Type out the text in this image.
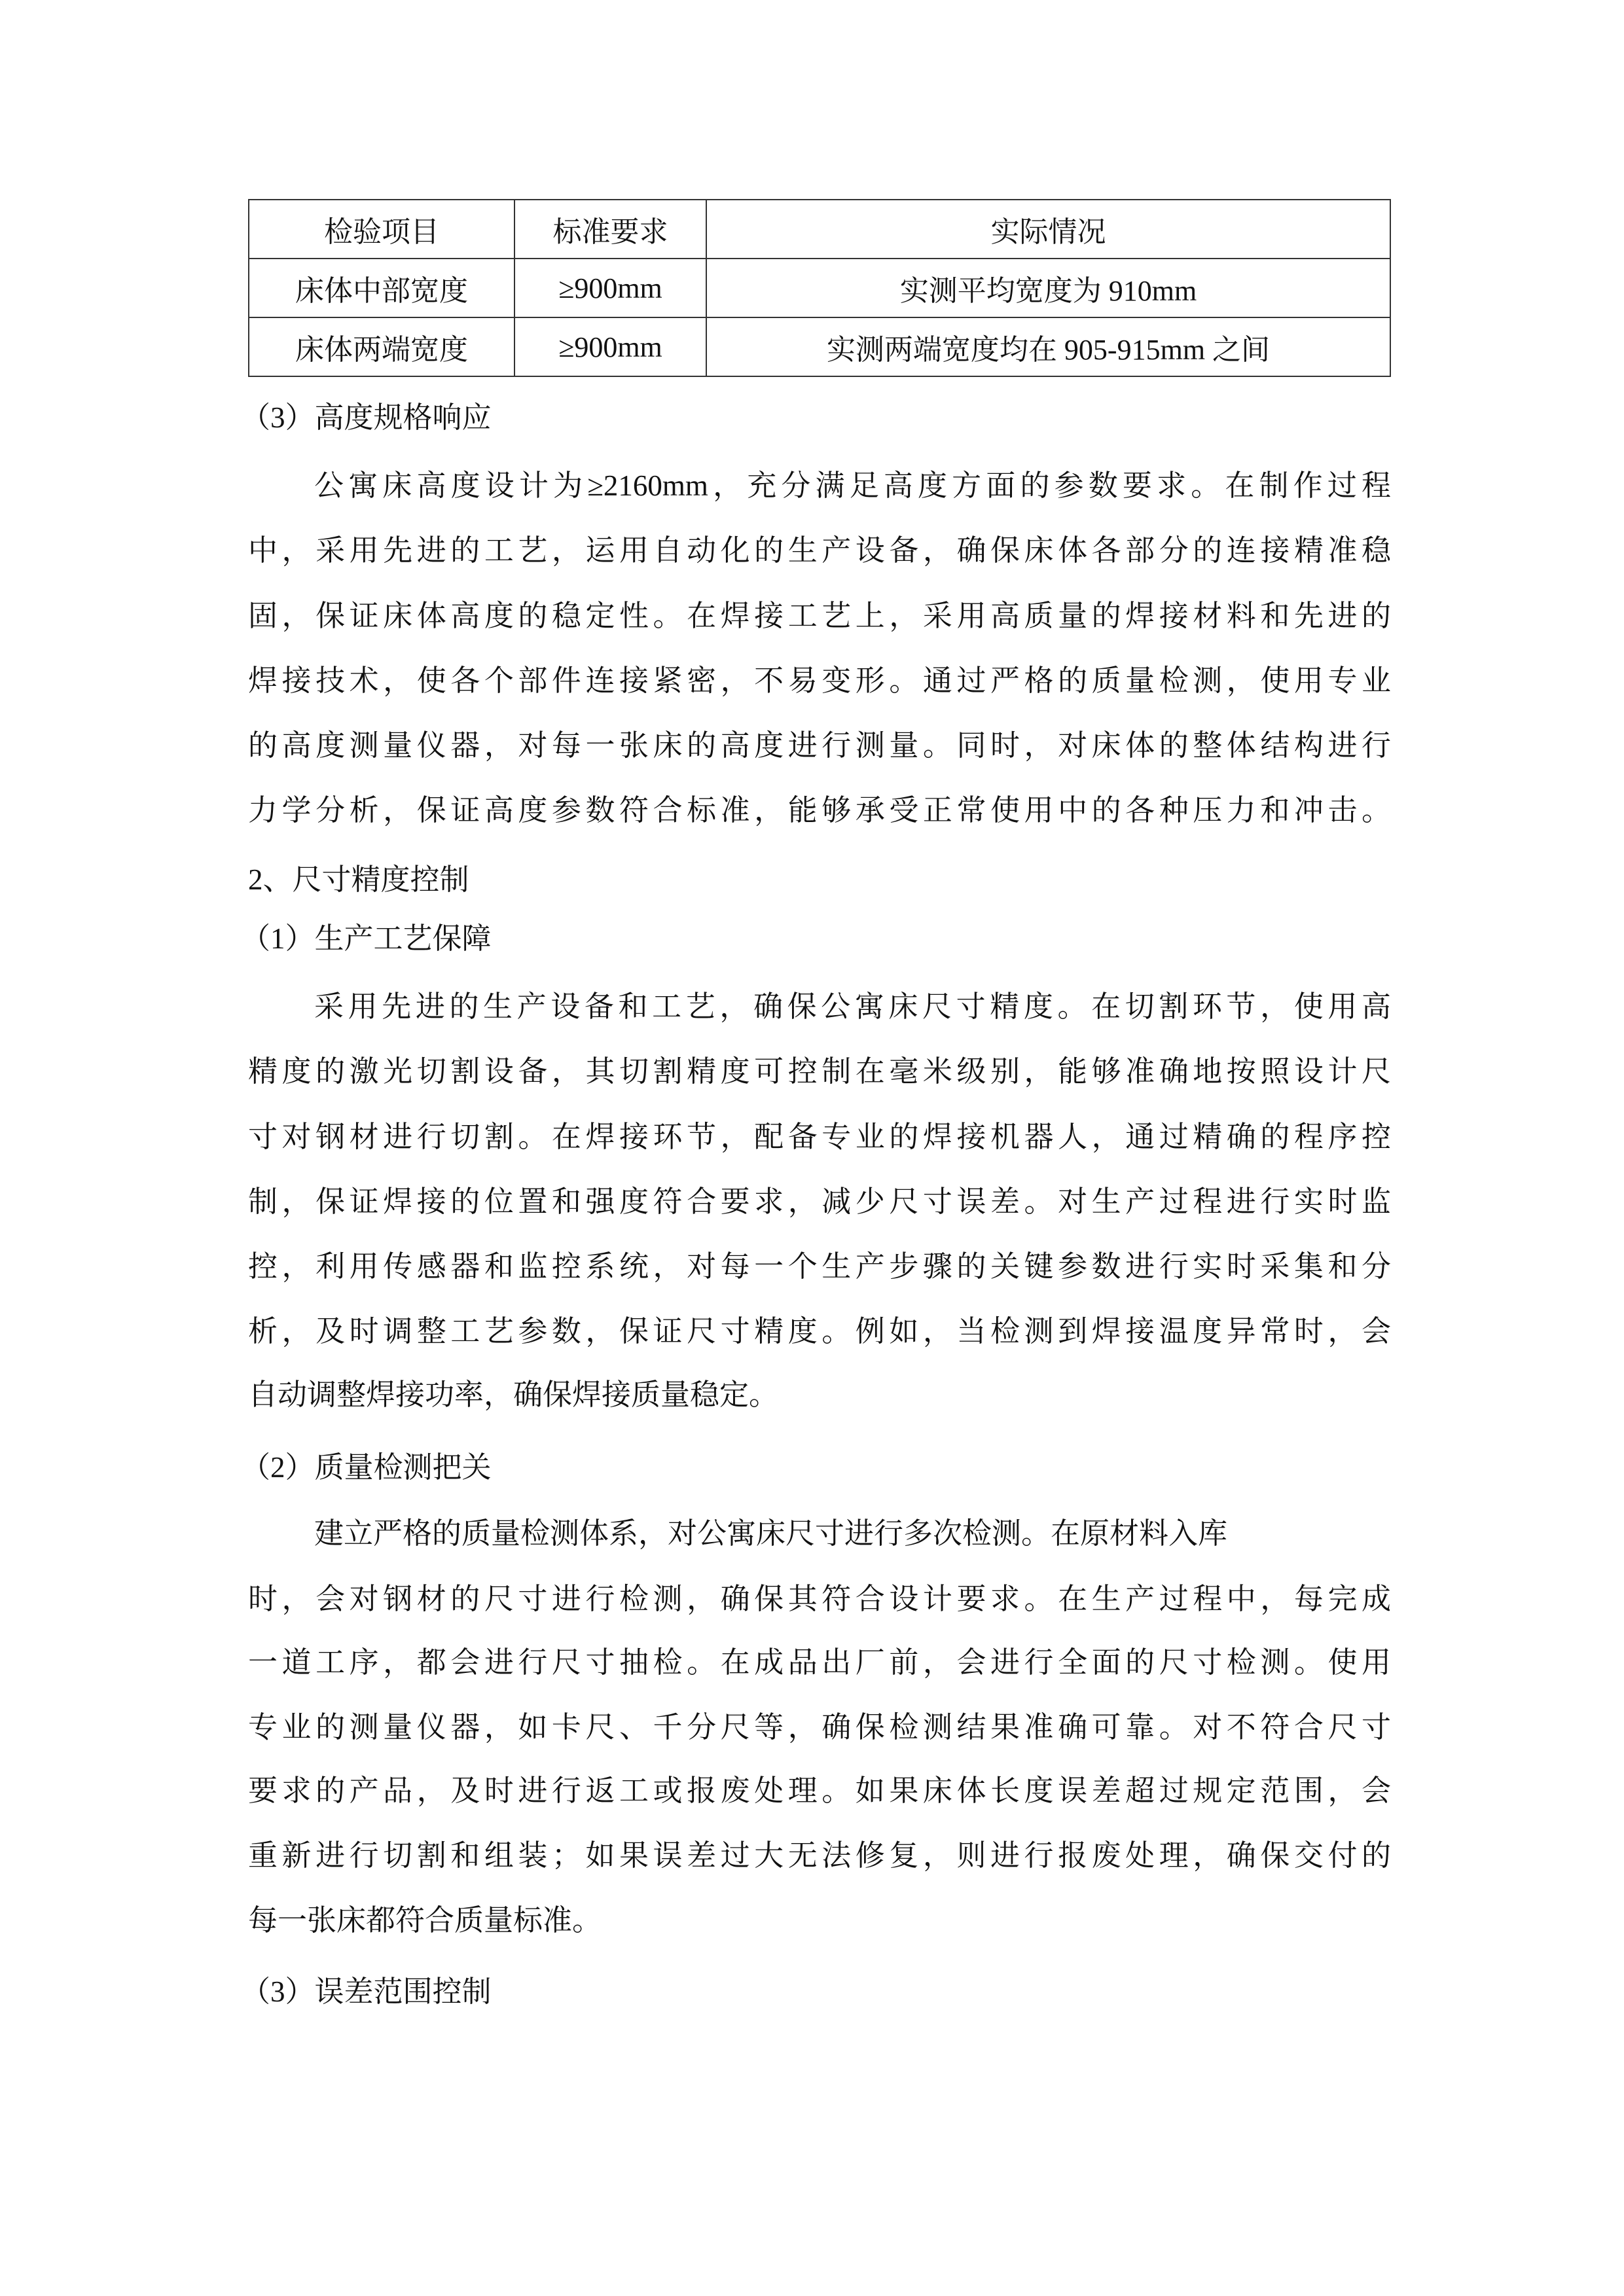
检验项目	标准要求	实际情况
床体中部宽度	≥900mm	实测平均宽度为 910mm
床体两端宽度	≥900mm	实测两端宽度均在 905-915mm 之间
（3）高度规格响应
公寓床高度设计为≥2160mm，充分满足高度方面的参数要求。在制作过程
中，采用先进的工艺，运用自动化的生产设备，确保床体各部分的连接精准稳
固，保证床体高度的稳定性。在焊接工艺上，采用高质量的焊接材料和先进的
焊接技术，使各个部件连接紧密，不易变形。通过严格的质量检测，使用专业
的高度测量仪器，对每一张床的高度进行测量。同时，对床体的整体结构进行
力学分析，保证高度参数符合标准，能够承受正常使用中的各种压力和冲击。
2、尺寸精度控制
（1）生产工艺保障
采用先进的生产设备和工艺，确保公寓床尺寸精度。在切割环节，使用高
精度的激光切割设备，其切割精度可控制在毫米级别，能够准确地按照设计尺
寸对钢材进行切割。在焊接环节，配备专业的焊接机器人，通过精确的程序控
制，保证焊接的位置和强度符合要求，减少尺寸误差。对生产过程进行实时监
控，利用传感器和监控系统，对每一个生产步骤的关键参数进行实时采集和分
析，及时调整工艺参数，保证尺寸精度。例如，当检测到焊接温度异常时，会
自动调整焊接功率，确保焊接质量稳定。
（2）质量检测把关
建立严格的质量检测体系，对公寓床尺寸进行多次检测。在原材料入库
时，会对钢材的尺寸进行检测，确保其符合设计要求。在生产过程中，每完成
一道工序，都会进行尺寸抽检。在成品出厂前，会进行全面的尺寸检测。使用
专业的测量仪器，如卡尺、千分尺等，确保检测结果准确可靠。对不符合尺寸
要求的产品，及时进行返工或报废处理。如果床体长度误差超过规定范围，会
重新进行切割和组装；如果误差过大无法修复，则进行报废处理，确保交付的
每一张床都符合质量标准。
（3）误差范围控制
